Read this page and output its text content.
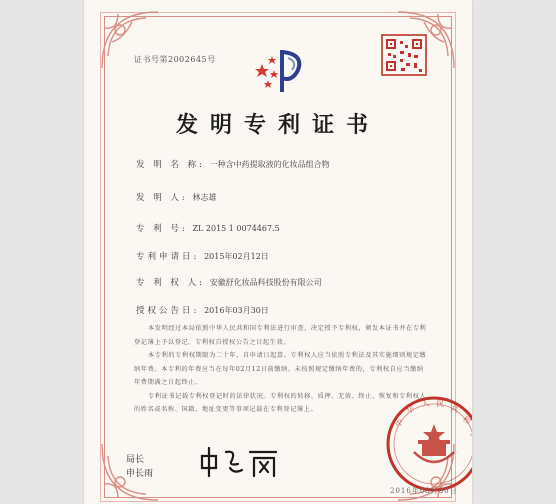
证书号第2002645号
发明专利证书
发 明 名 称: 一种含中药提取液的化妆品组合物
发 明 人: 林志雄
专 利 号: ZL 2015 1 0074467.5
专利申请日: 2015年02月12日
专 利 权 人: 安徽舒化妆品科技股份有限公司
授权公告日: 2016年03月30日

本发明经过本局依照中华人民共和国专利法进行审查，决定授予专利权，颁发本证书并在专利登记簿上予以登记。专利权自授权公告之日起生效。

本专利的专利权期限为二十年，自申请日起算。专利权人应当依照专利法及其实施细则规定缴纳年费。本专利的年费应当在每年02月12日前缴纳。未按照规定缴纳年费的，专利权自应当缴纳年费期满之日起终止。

专利证书记载专利权登记时的法律状况。专利权的转移、质押、无效、终止、恢复和专利权人的姓名或名称、国籍、地址变更等事项记载在专利登记簿上。

局长
申长雨
中
华
人 民 共
和
国
2016年03月30日
